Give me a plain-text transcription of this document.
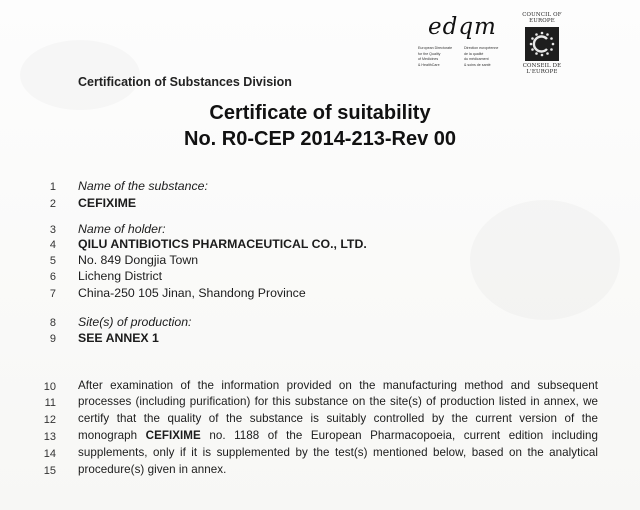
edqm
European Directorate
for the Quality
of Medicines
& HealthCare
Direction européenne
de la qualité
du médicament
& soins de santé
COUNCIL OF EUROPE
CONSEIL DE L'EUROPE
Certification of Substances Division
Certificate of suitability
No. R0-CEP 2014-213-Rev 00
1 Name of the substance:
2 CEFIXIME
3 Name of holder:
4 QILU ANTIBIOTICS PHARMACEUTICAL CO., LTD.
5 No. 849 Dongjia Town
6 Licheng District
7 China-250 105 Jinan, Shandong Province
8 Site(s) of production:
9 SEE ANNEX 1
10 After examination of the information provided on the manufacturing method and subsequent
11 processes (including purification) for this substance on the site(s) of production listed in annex, we
12 certify that the quality of the substance is suitably controlled by the current version of the
13 monograph CEFIXIME no. 1188 of the European Pharmacopoeia, current edition including
14 supplements, only if it is supplemented by the test(s) mentioned below, based on the analytical
15 procedure(s) given in annex.
